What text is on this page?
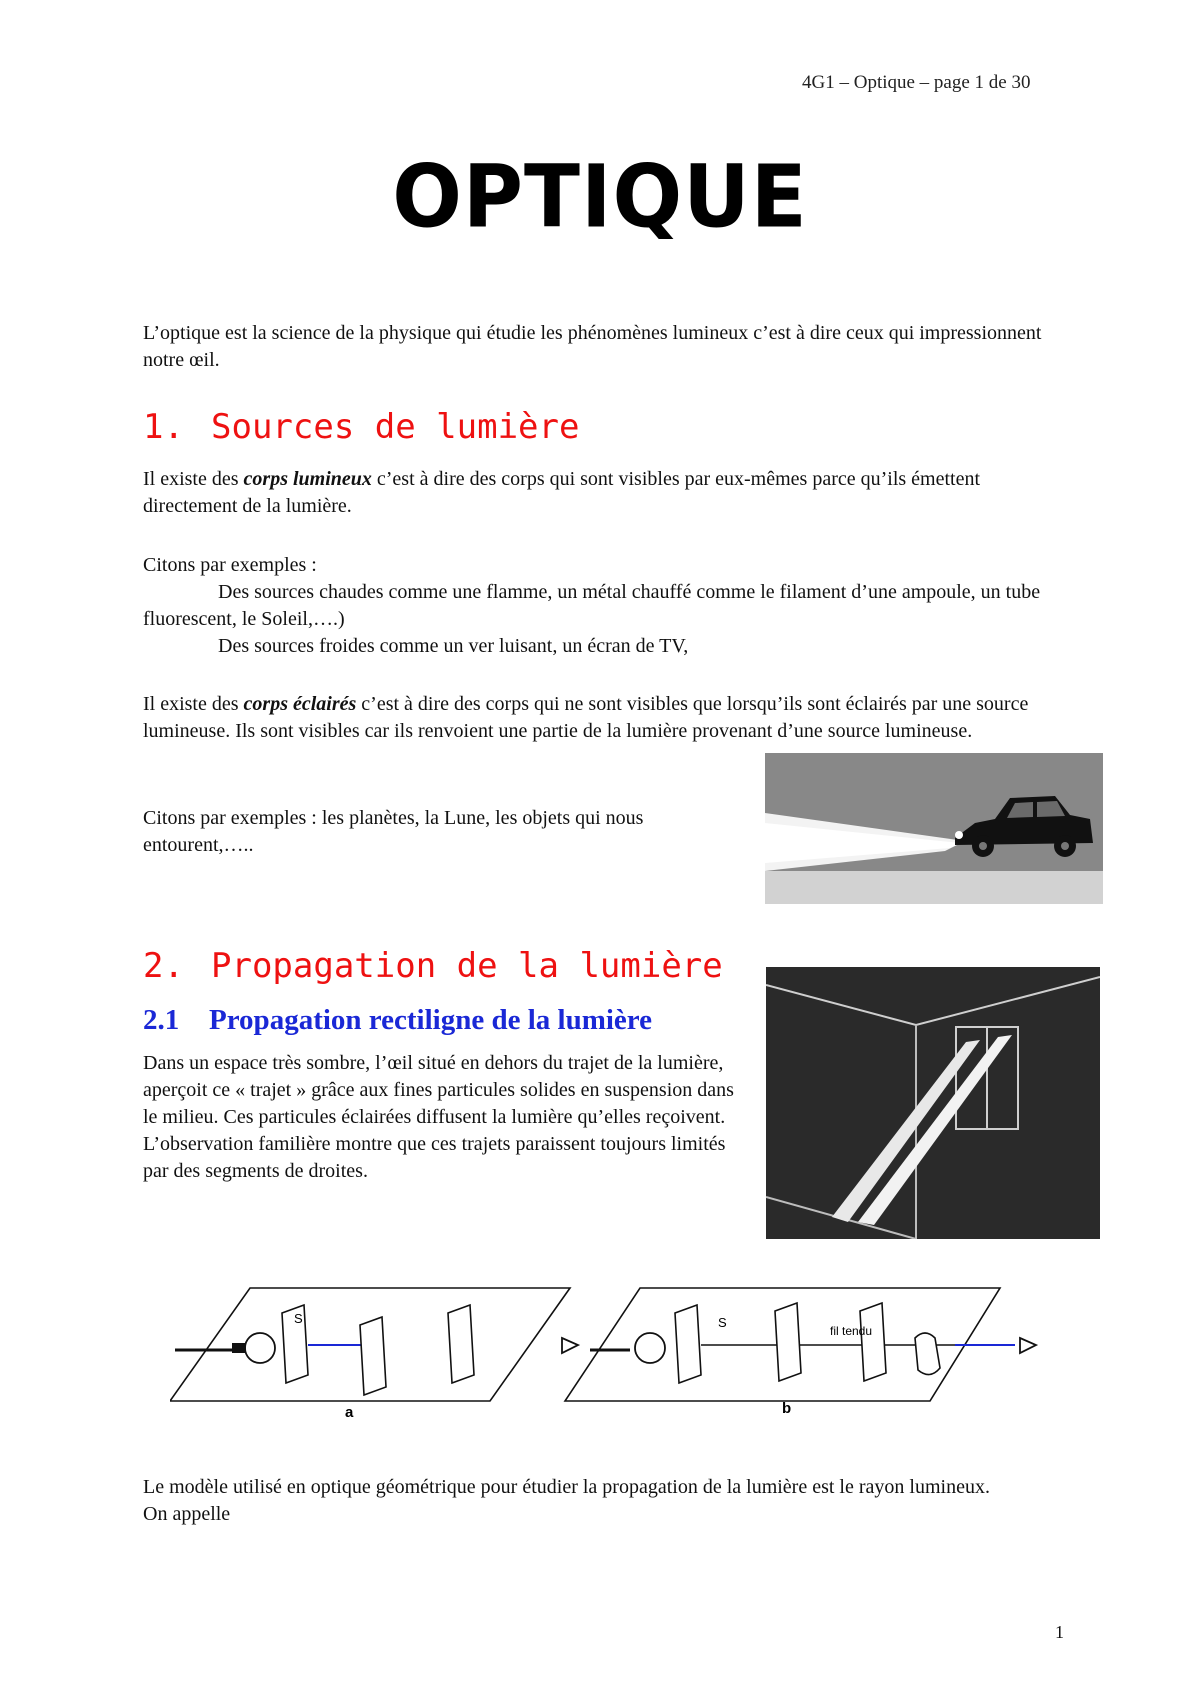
4G1 – Optique – page 1 de 30
OPTIQUE
L’optique est la science de la physique qui étudie les phénomènes lumineux c’est à dire ceux qui impressionnent notre œil.
1. Sources de lumière
Il existe des corps lumineux c’est à dire des corps qui sont visibles par eux-mêmes parce qu’ils émettent directement de la lumière.
Citons par exemples :
Des sources chaudes comme une flamme, un métal chauffé comme le filament d’une ampoule, un tube fluorescent, le Soleil,….)
Des sources froides comme un ver luisant, un écran de TV,
Il existe des corps éclairés c’est à dire des corps qui ne sont visibles que lorsqu’ils sont éclairés par une source lumineuse. Ils sont visibles car ils renvoient une partie de la lumière provenant d’une source lumineuse.
Citons par exemples : les planètes, la Lune, les objets qui nous entourent,…..
2. Propagation de la lumière
2.1 Propagation rectiligne de la lumière
Dans un espace très sombre, l’œil situé en dehors du trajet de la lumière, aperçoit ce « trajet » grâce aux fines particules solides en suspension dans le milieu. Ces particules éclairées diffusent la lumière qu’elles reçoivent.
L’observation familière montre que ces trajets paraissent toujours limités par des segments de droites.
S
a
S
fil tendu
b
Le modèle utilisé en optique géométrique pour étudier la propagation de la lumière est le rayon lumineux.
On appelle
1
